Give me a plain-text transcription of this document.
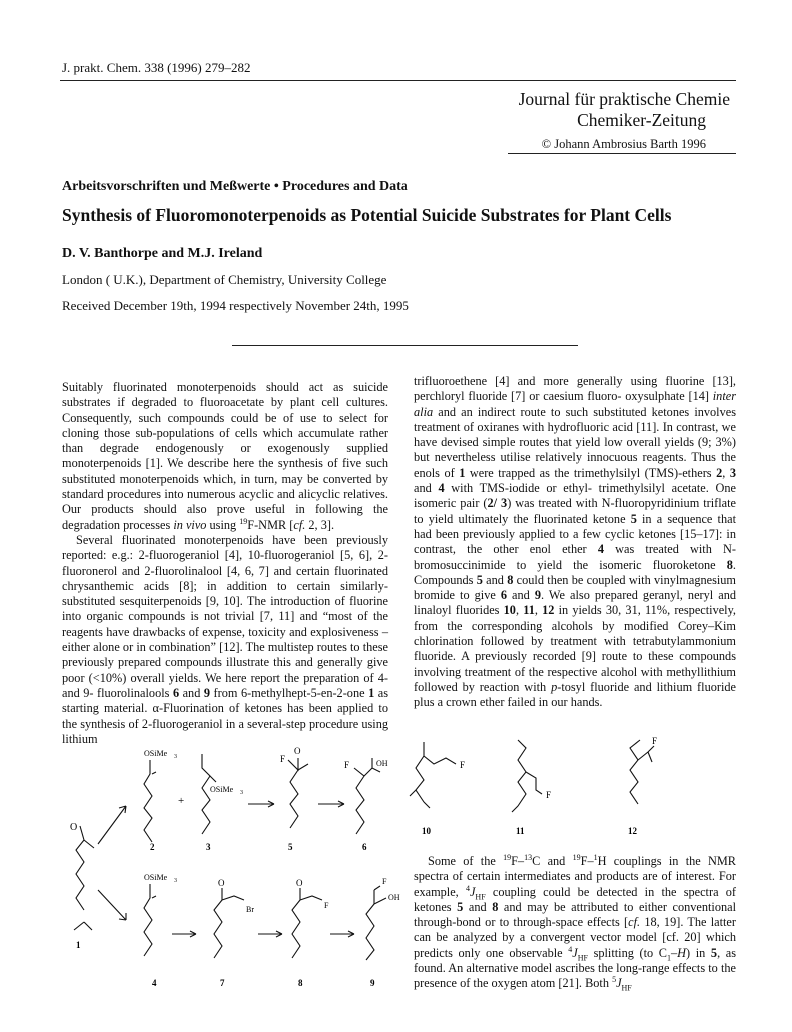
J. prakt. Chem. 338 (1996) 279–282
Journal für praktische Chemie
Chemiker-Zeitung
© Johann Ambrosius Barth 1996
Arbeitsvorschriften und Meßwerte • Procedures and Data
Synthesis of Fluoromonoterpenoids as Potential Suicide Substrates for Plant Cells
D. V. Banthorpe and M.J. Ireland
London ( U.K.), Department of Chemistry, University College
Received December 19th, 1994 respectively November 24th, 1995

Suitably fluorinated monoterpenoids should act as suicide substrates if degraded to fluoroacetate by plant cell cultures. Consequently, such compounds could be of use to select for cloning those sub-populations of cells which accumulate rather than degrade endogenously or exogenously supplied monoterpenoids [1]. We describe here the synthesis of five such substituted monoterpenoids which, in turn, may be converted by standard procedures into numerous acyclic and alicyclic relatives. Our products should also prove useful in following the degradation processes in vivo using $^{19}$F-NMR [cf. 2, 3].

Several fluorinated monoterpenoids have been previously reported: e.g.: 2-fluorogeraniol [4], 10-fluorogeraniol [5, 6], 2-fluoronerol and 2-fluorolinalool [4, 6, 7] and certain fluorinated chrysanthemic acids [8]; in addition to certain similarly-substituted sesquiterpenoids [9, 10]. The introduction of fluorine into organic compounds is not trivial [7, 11] and “most of the reagents have drawbacks of expense, toxicity and explosiveness – either alone or in combination” [12]. The multistep routes to these previously prepared compounds illustrate this and generally give poor (<10%) overall yields. We here report the preparation of 4- and 9- fluorolinalools 6 and 9 from 6-methylhept-5-en-2-one 1 as starting material. α-Fluorination of ketones has been applied to the synthesis of 2-fluorogeraniol in a several-step procedure using lithium

trifluoroethene [4] and more generally using fluorine [13], perchloryl fluoride [7] or caesium fluoro- oxysulphate [14] inter alia and an indirect route to such substituted ketones involves treatment of oxiranes with hydrofluoric acid [11]. In contrast, we have devised simple routes that yield low overall yields (9; 3%) but nevertheless utilise relatively innocuous reagents. Thus the enols of 1 were trapped as the trimethylsilyl (TMS)-ethers 2, 3 and 4 with TMS-iodide or ethyl- trimethylsilyl acetate. One isomeric pair (2/ 3) was treated with N-fluoropyridinium triflate to yield ultimately the fluorinated ketone 5 in a sequence that had been previously applied to a few cyclic ketones [15–17]: in contrast, the other enol ether 4 was treated with N-bromosuccinimide to yield the isomeric fluoroketone 8. Compounds 5 and 8 could then be coupled with vinylmagnesium bromide to give 6 and 9. We also prepared geranyl, neryl and linaloyl fluorides 10, 11, 12 in yields 30, 31, 11%, respectively, from the corresponding alcohols by modified Corey–Kim chlorination followed by treatment with tetrabutylammonium fluoride. A previously recorded [9] route to these compounds involving treatment of the respective alcohol with methyllithium followed by reaction with p-tosyl fluoride and lithium fluoride plus a crown ether failed in our hands.

Some of the $^{19}$F–$^{13}$C and $^{19}$F–$^1$H couplings in the NMR spectra of certain intermediates and products are of interest. For example, $^4J_{HF}$ coupling could be detected in the spectra of ketones 5 and 8 and may be attributed to either conventional through-bond or to through-space effects [cf. 18, 19]. The latter can be analyzed by a convergent vector model [cf. 20] which predicts only one observable $^4J_{HF}$ splitting (to $C_1-H$) in 5, as found. An alternative model ascribes the long-range effects to the presence of the oxygen atom [21]. Both $^5J_{HF}$

O
OSiMe 3
+
OSiMe 3
F
O
F	OH
OSiMe 3
Br
O
F
O	F
OH
1
2	3	5	6
4	7	8	9
F
F
F
10	11	12
